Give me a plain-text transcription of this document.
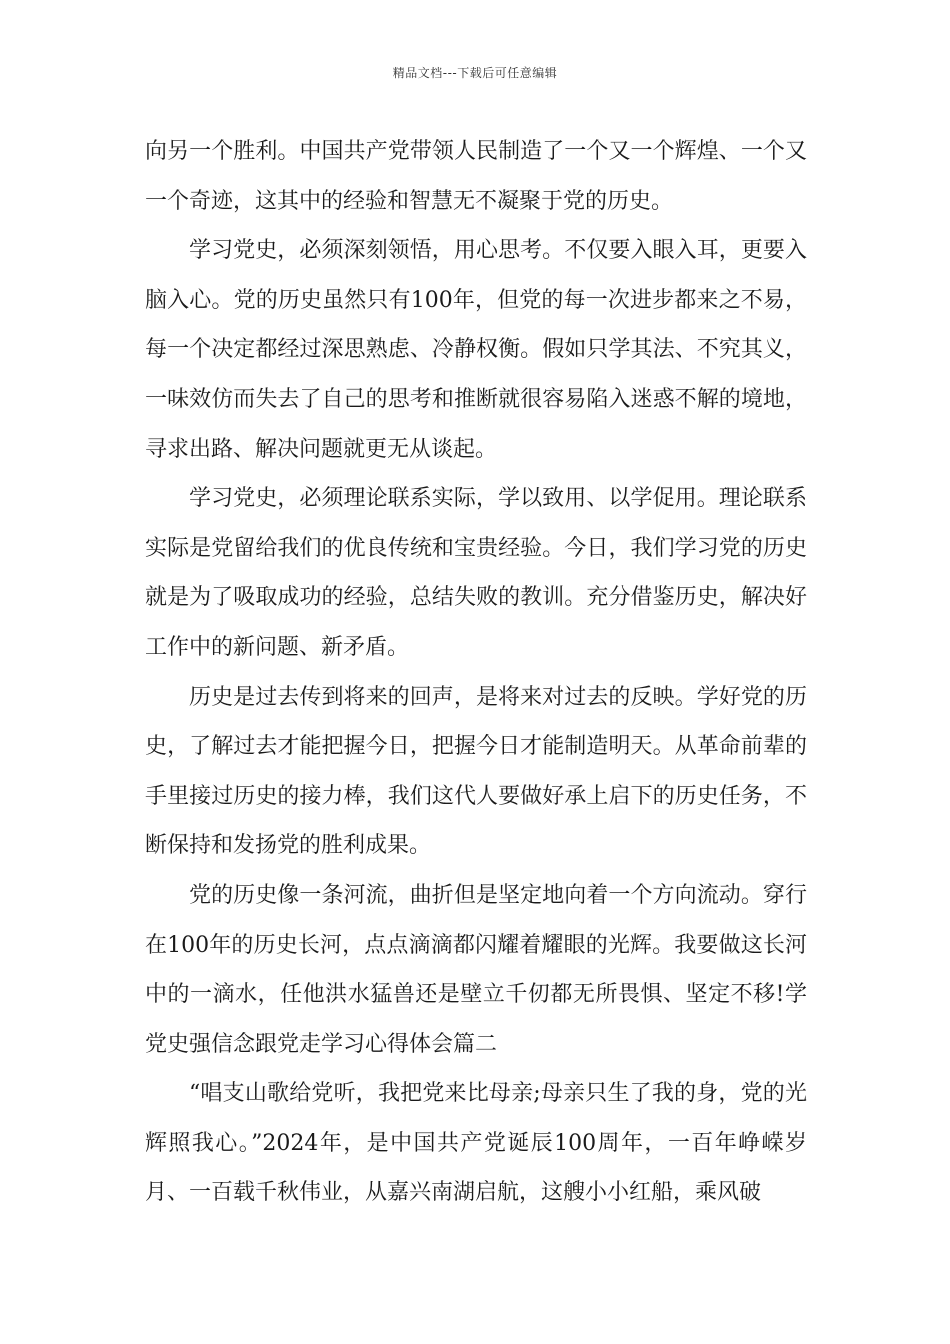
精品文档---下载后可任意编辑

向另一个胜利。中国共产党带领人民制造了一个又一个辉煌、一个又一个奇迹，这其中的经验和智慧无不凝聚于党的历史。

学习党史，必须深刻领悟，用心思考。不仅要入眼入耳，更要入脑入心。党的历史虽然只有100年，但党的每一次进步都来之不易，每一个决定都经过深思熟虑、冷静权衡。假如只学其法、不究其义，一味效仿而失去了自己的思考和推断就很容易陷入迷惑不解的境地，寻求出路、解决问题就更无从谈起。

学习党史，必须理论联系实际，学以致用、以学促用。理论联系实际是党留给我们的优良传统和宝贵经验。今日，我们学习党的历史就是为了吸取成功的经验，总结失败的教训。充分借鉴历史，解决好工作中的新问题、新矛盾。

历史是过去传到将来的回声，是将来对过去的反映。学好党的历史，了解过去才能把握今日，把握今日才能制造明天。从革命前辈的手里接过历史的接力棒，我们这代人要做好承上启下的历史任务，不断保持和发扬党的胜利成果。

党的历史像一条河流，曲折但是坚定地向着一个方向流动。穿行在100年的历史长河，点点滴滴都闪耀着耀眼的光辉。我要做这长河中的一滴水，任他洪水猛兽还是壁立千仞都无所畏惧、坚定不移!学党史强信念跟党走学习心得体会篇二

“唱支山歌给党听，我把党来比母亲;母亲只生了我的身，党的光辉照我心。”2024年，是中国共产党诞辰100周年，一百年峥嵘岁月、一百载千秋伟业，从嘉兴南湖启航，这艘小小红船，乘风破
